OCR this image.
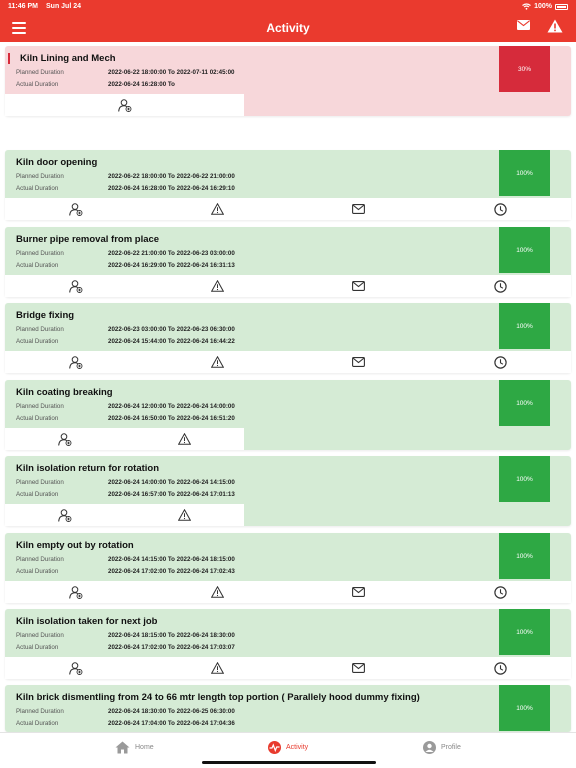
11:46 PM Sun Jul 24	100%
Activity
Kiln Lining and Mech
Planned Duration	2022-06-22 18:00:00 To 2022-07-11 02:45:00
Actual Duration	2022-06-24 16:28:00 To
30%
Kiln door opening
Planned Duration	2022-06-22 18:00:00 To 2022-06-22 21:00:00
Actual Duration	2022-06-24 16:28:00 To 2022-06-24 16:29:10
100%
Burner pipe removal from place
Planned Duration	2022-06-22 21:00:00 To 2022-06-23 03:00:00
Actual Duration	2022-06-24 16:29:00 To 2022-06-24 16:31:13
100%
Bridge fixing
Planned Duration	2022-06-23 03:00:00 To 2022-06-23 06:30:00
Actual Duration	2022-06-24 15:44:00 To 2022-06-24 16:44:22
100%
Kiln coating breaking
Planned Duration	2022-06-24 12:00:00 To 2022-06-24 14:00:00
Actual Duration	2022-06-24 16:50:00 To 2022-06-24 16:51:20
100%
Kiln isolation return for rotation
Planned Duration	2022-06-24 14:00:00 To 2022-06-24 14:15:00
Actual Duration	2022-06-24 16:57:00 To 2022-06-24 17:01:13
100%
Kiln empty out by rotation
Planned Duration	2022-06-24 14:15:00 To 2022-06-24 18:15:00
Actual Duration	2022-06-24 17:02:00 To 2022-06-24 17:02:43
100%
Kiln isolation taken for next job
Planned Duration	2022-06-24 18:15:00 To 2022-06-24 18:30:00
Actual Duration	2022-06-24 17:02:00 To 2022-06-24 17:03:07
100%
Kiln brick dismentling from 24 to 66 mtr length top portion ( Parallely hood dummy fixing)
Planned Duration	2022-06-24 18:30:00 To 2022-06-25 06:30:00
Actual Duration	2022-06-24 17:04:00 To 2022-06-24 17:04:36
100%
Home	Activity	Profile
